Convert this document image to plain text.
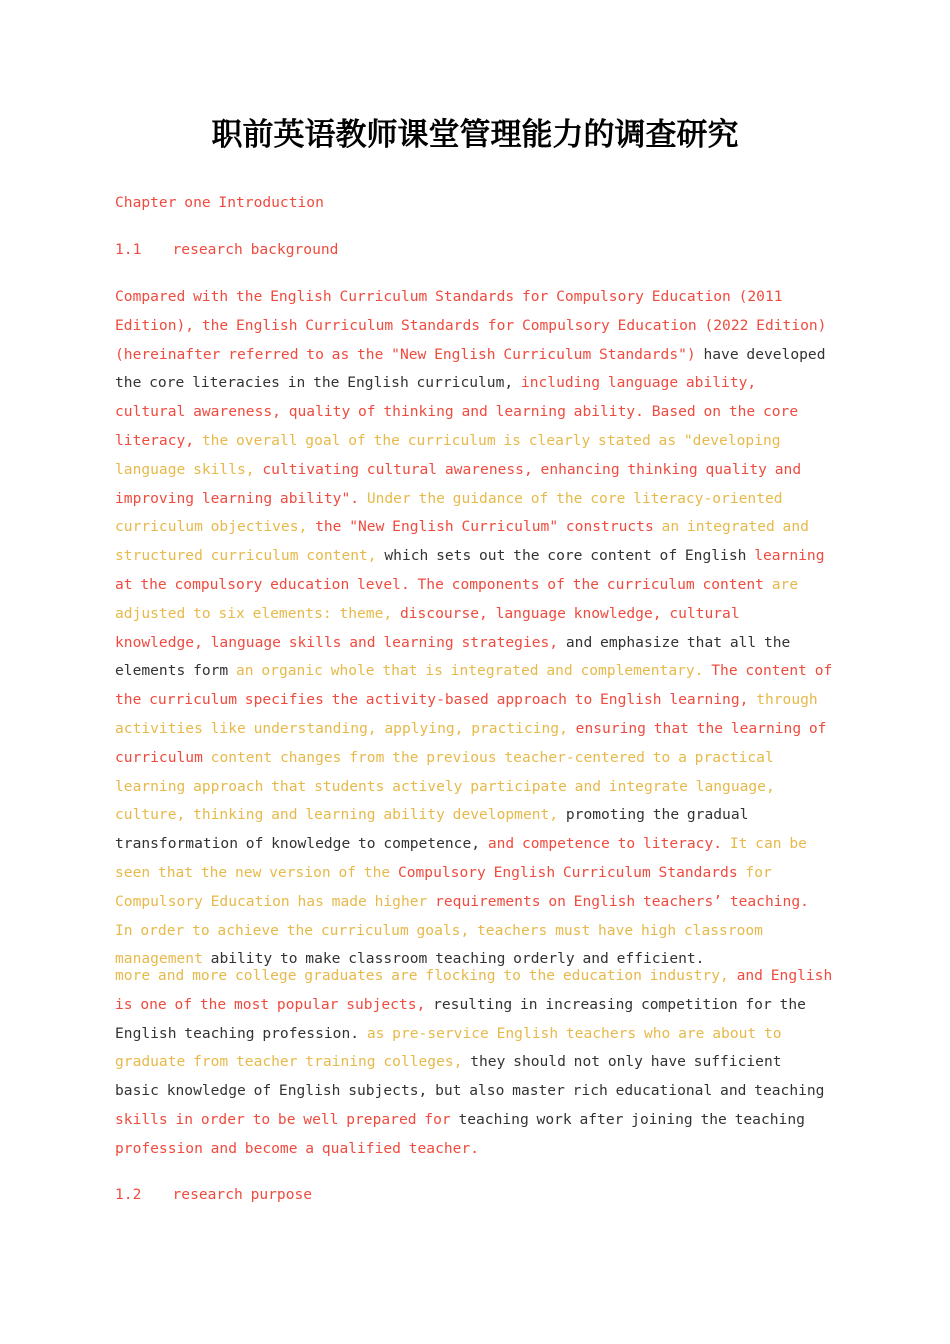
职前英语教师课堂管理能力的调查研究

Chapter one Introduction

1.1    research background

Compared with the English Curriculum Standards for Compulsory Education (2011 Edition), the English Curriculum Standards for Compulsory Education (2022 Edition) (hereinafter referred to as the "New English Curriculum Standards") have developed the core literacies in the English curriculum, including language ability, cultural awareness, quality of thinking and learning ability. Based on the core literacy, the overall goal of the curriculum is clearly stated as "developing language skills, cultivating cultural awareness, enhancing thinking quality and improving learning ability". Under the guidance of the core literacy-oriented curriculum objectives, the "New English Curriculum" constructs an integrated and structured curriculum content, which sets out the core content of English learning at the compulsory education level. The components of the curriculum content are adjusted to six elements: theme, discourse, language knowledge, cultural knowledge, language skills and learning strategies, and emphasize that all the elements form an organic whole that is integrated and complementary. The content of the curriculum specifies the activity-based approach to English learning, through activities like understanding, applying, practicing, ensuring that the learning of curriculum content changes from the previous teacher-centered to a practical learning approach that students actively participate and integrate language, culture, thinking and learning ability development, promoting the gradual transformation of knowledge to competence, and competence to literacy. It can be seen that the new version of the Compulsory English Curriculum Standards for Compulsory Education has made higher requirements on English teachers’ teaching. In order to achieve the curriculum goals, teachers must have high classroom management ability to make classroom teaching orderly and efficient.

more and more college graduates are flocking to the education industry, and English is one of the most popular subjects, resulting in increasing competition for the English teaching profession. as pre-service English teachers who are about to graduate from teacher training colleges, they should not only have sufficient basic knowledge of English subjects, but also master rich educational and teaching skills in order to be well prepared for teaching work after joining the teaching profession and become a qualified teacher.

1.2    research purpose
